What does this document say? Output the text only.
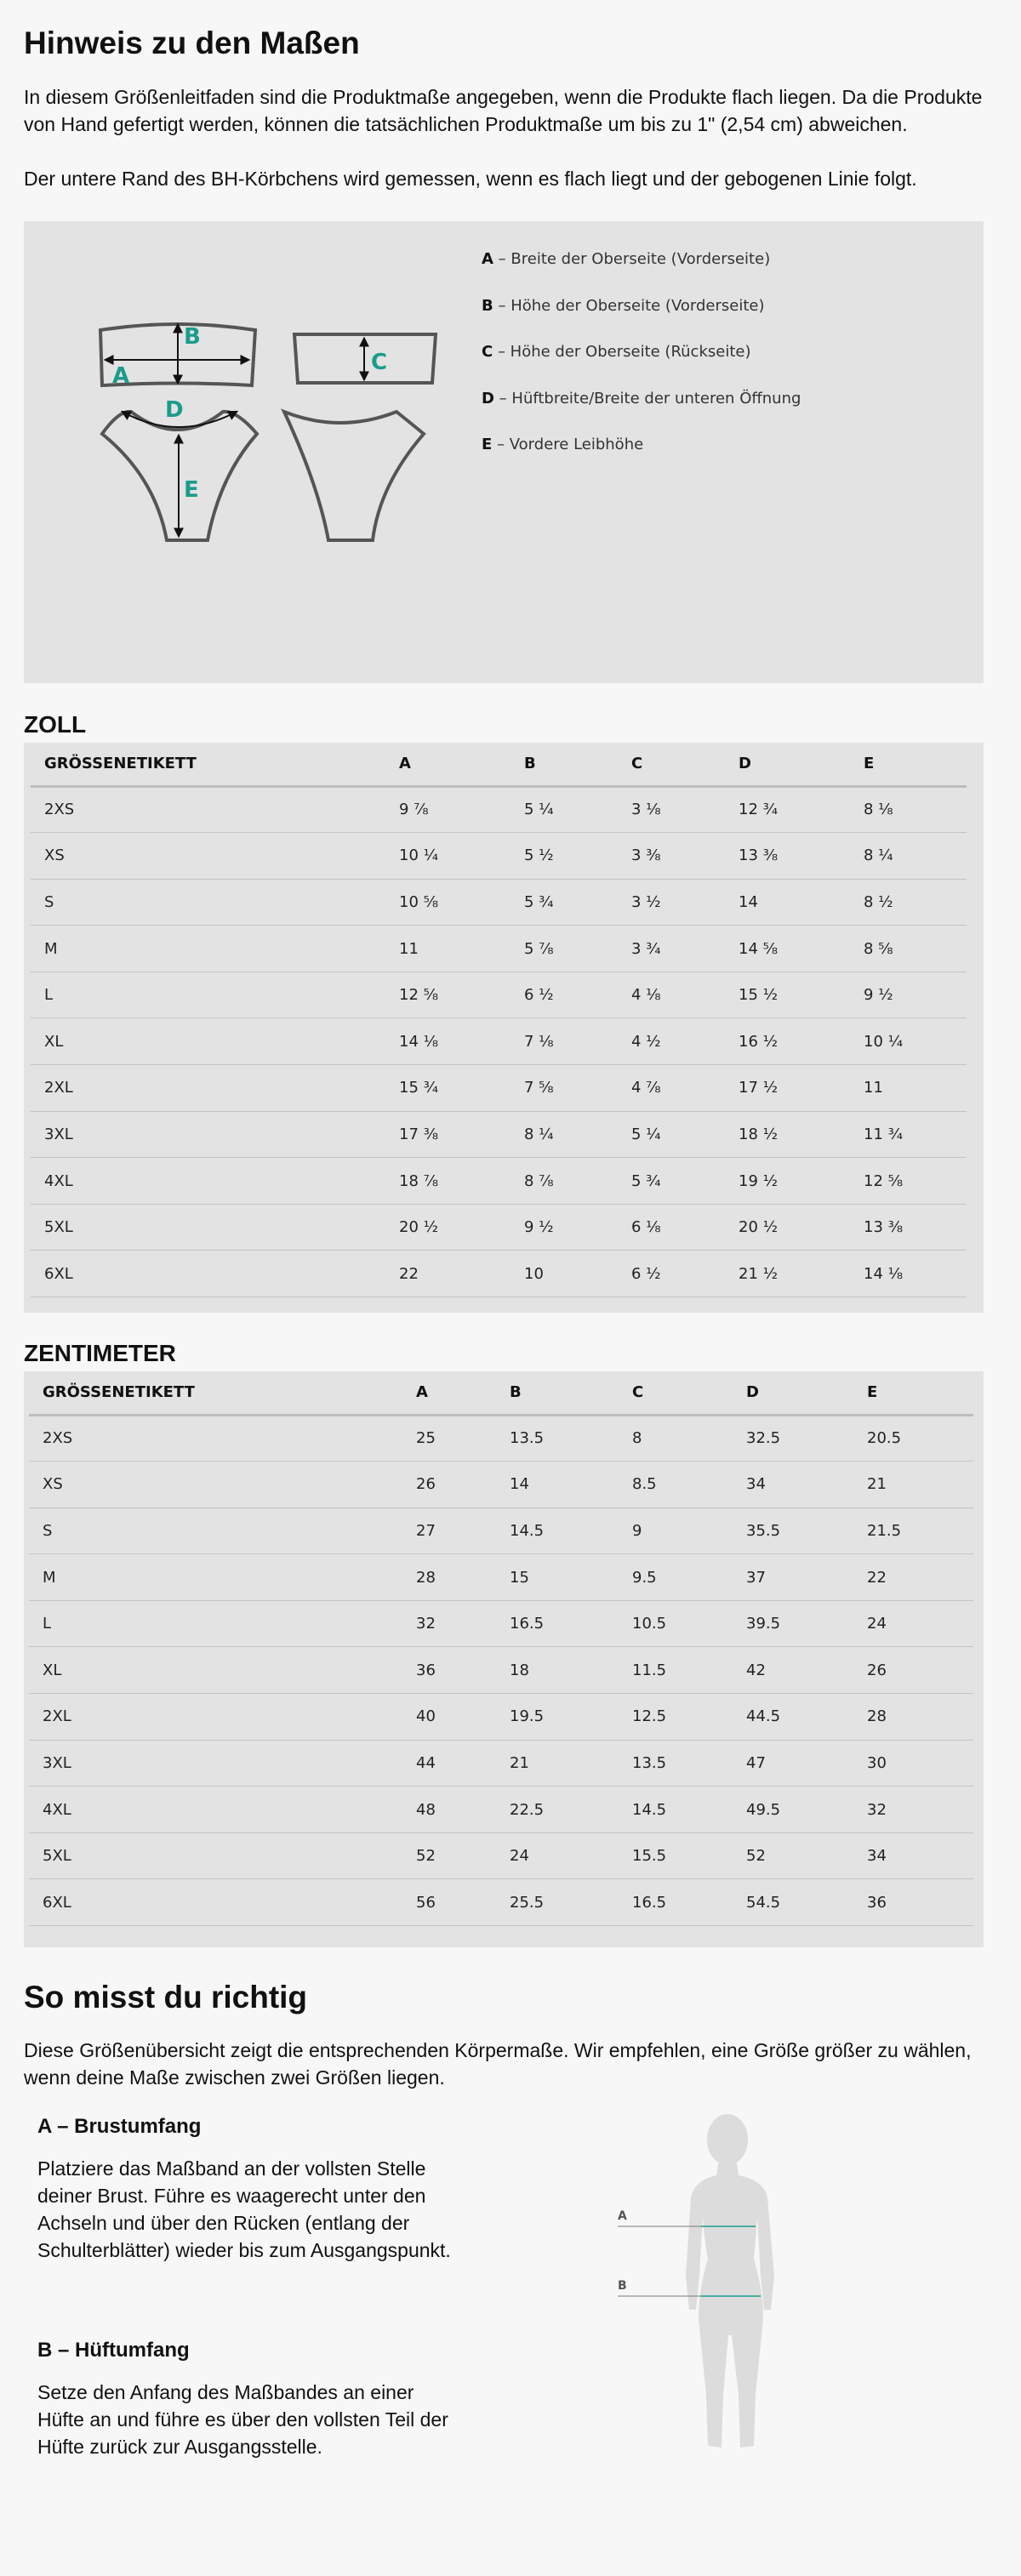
Hinweis zu den Maßen
In diesem Größenleitfaden sind die Produktmaße angegeben, wenn die Produkte flach liegen. Da die Produkte von Hand gefertigt werden, können die tatsächlichen Produktmaße um bis zu 1" (2,54 cm) abweichen.
Der untere Rand des BH-Körbchens wird gemessen, wenn es flach liegt und der gebogenen Linie folgt.
A
B
C
D
E
A – Breite der Oberseite (Vorderseite)
B – Höhe der Oberseite (Vorderseite)
C – Höhe der Oberseite (Rückseite)
D – Hüftbreite/Breite der unteren Öffnung
E – Vordere Leibhöhe
ZOLL
GRÖSSENETIKETT	A	B	C	D	E
2XS	9 ⅞	5 ¼	3 ⅛	12 ¾	8 ⅛
XS	10 ¼	5 ½	3 ⅜	13 ⅜	8 ¼
S	10 ⅝	5 ¾	3 ½	14	8 ½
M	11	5 ⅞	3 ¾	14 ⅝	8 ⅝
L	12 ⅝	6 ½	4 ⅛	15 ½	9 ½
XL	14 ⅛	7 ⅛	4 ½	16 ½	10 ¼
2XL	15 ¾	7 ⅝	4 ⅞	17 ½	11
3XL	17 ⅜	8 ¼	5 ¼	18 ½	11 ¾
4XL	18 ⅞	8 ⅞	5 ¾	19 ½	12 ⅝
5XL	20 ½	9 ½	6 ⅛	20 ½	13 ⅜
6XL	22	10	6 ½	21 ½	14 ⅛
ZENTIMETER
GRÖSSENETIKETT	A	B	C	D	E
2XS	25	13.5	8	32.5	20.5
XS	26	14	8.5	34	21
S	27	14.5	9	35.5	21.5
M	28	15	9.5	37	22
L	32	16.5	10.5	39.5	24
XL	36	18	11.5	42	26
2XL	40	19.5	12.5	44.5	28
3XL	44	21	13.5	47	30
4XL	48	22.5	14.5	49.5	32
5XL	52	24	15.5	52	34
6XL	56	25.5	16.5	54.5	36
So misst du richtig
Diese Größenübersicht zeigt die entsprechenden Körpermaße. Wir empfehlen, eine Größe größer zu wählen, wenn deine Maße zwischen zwei Größen liegen.
A – Brustumfang
Platziere das Maßband an der vollsten Stelle deiner Brust. Führe es waagerecht unter den Achseln und über den Rücken (entlang der Schulterblätter) wieder bis zum Ausgangspunkt.
B – Hüftumfang
Setze den Anfang des Maßbandes an einer Hüfte an und führe es über den vollsten Teil der Hüfte zurück zur Ausgangsstelle.
A
B
